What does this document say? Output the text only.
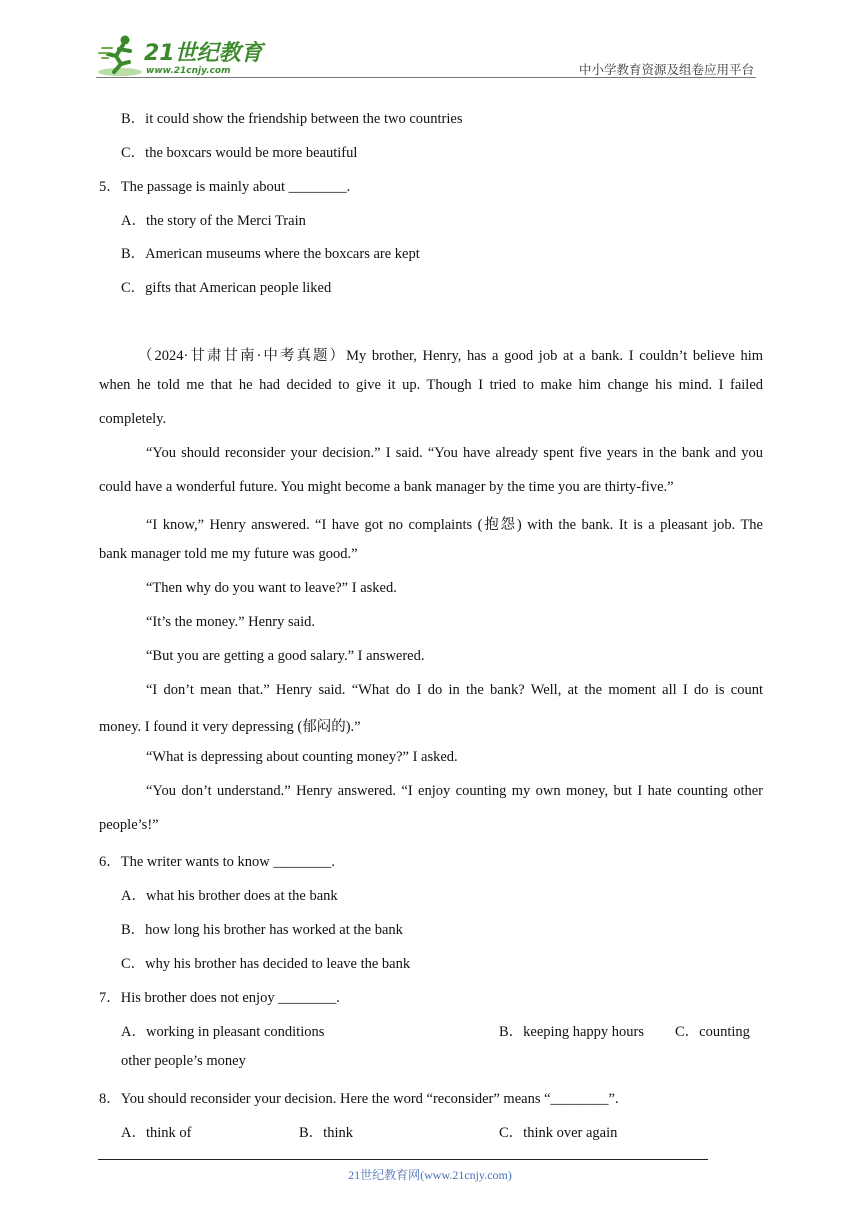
21世纪教育
www.21cnjy.com	中小学教育资源及组卷应用平台
B．it could show the friendship between the two countries
C．the boxcars would be more beautiful
5．The passage is mainly about ________.
A．the story of the Merci Train
B．American museums where the boxcars are kept
C．gifts that American people liked
（2024·甘肃甘南·中考真题）My brother, Henry, has a good job at a bank. I couldn’t believe him
when he told me that he had decided to give it up. Though I tried to make him change his mind. I failed
completely.
“You should reconsider your decision.” I said. “You have already spent five years in the bank and you
could have a wonderful future. You might become a bank manager by the time you are thirty-five.”
“I know,” Henry answered. “I have got no complaints (抱怨) with the bank. It is a pleasant job. The
bank manager told me my future was good.”
“Then why do you want to leave?” I asked.
“It’s the money.” Henry said.
“But you are getting a good salary.” I answered.
“I don’t mean that.” Henry said. “What do I do in the bank? Well, at the moment all I do is count
money. I found it very depressing (郁闷的).”
“What is depressing about counting money?” I asked.
“You don’t understand.” Henry answered. “I enjoy counting my own money, but I hate counting other
people’s!”
6．The writer wants to know ________.
A．what his brother does at the bank
B．how long his brother has worked at the bank
C．why his brother has decided to leave the bank
7．His brother does not enjoy ________.
A．working in pleasant conditions	B．keeping happy hours C．counting
other people’s money
8．You should reconsider your decision. Here the word “reconsider” means “________”.
A．think of	B．think	C．think over again
21世纪教育网(www.21cnjy.com)
